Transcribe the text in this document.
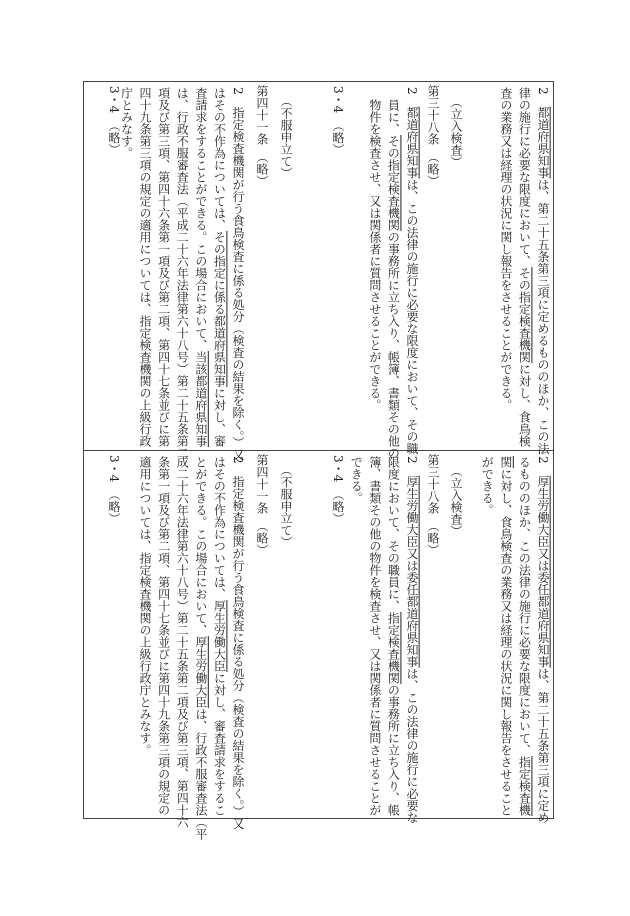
2　都道府県知事は、第二十五条第三項に定めるもののほか、この法
律の施行に必要な限度において、その指定検査機関に対し、食鳥検
査の業務又は経理の状況に関し報告をさせることができる。
（立入検査）
第三十八条　（略）
2　都道府県知事は、この法律の施行に必要な限度において、その職
　員に、その指定検査機関の事務所に立ち入り、帳簿、書類その他の
　物件を検査させ、又は関係者に質問させることができる。
3・4　（略）
（不服申立て）
第四十一条　（略）
2　指定検査機関が行う食鳥検査に係る処分（検査の結果を除く。）又
はその不作為については、その指定に係る都道府県知事に対し、審
査請求をすることができる。この場合において、当該都道府県知事
は、行政不服審査法（平成二十六年法律第六十八号）第二十五条第二
項及び第三項、第四十六条第一項及び第二項、第四十七条並びに第
四十九条第三項の規定の適用については、指定検査機関の上級行政
庁とみなす。
3・4　（略）
2　厚生労働大臣又は委任都道府県知事は、第二十五条第三項に定め
るもののほか、この法律の施行に必要な限度において、指定検査機
関に対し、食鳥検査の業務又は経理の状況に関し報告をさせること
ができる。
（立入検査）
第三十八条　（略）
2　厚生労働大臣又は委任都道府県知事は、この法律の施行に必要な
限度において、その職員に、指定検査機関の事務所に立ち入り、帳
簿、書類その他の物件を検査させ、又は関係者に質問させることが
できる。
3・4　（略）
（不服申立て）
第四十一条　（略）
2　指定検査機関が行う食鳥検査に係る処分（検査の結果を除く。）又
はその不作為については、厚生労働大臣に対し、審査請求をするこ
とができる。この場合において、厚生労働大臣は、行政不服審査法（平
成二十六年法律第六十八号）第二十五条第二項及び第三項、第四十六
条第一項及び第二項、第四十七条並びに第四十九条第三項の規定の
適用については、指定検査機関の上級行政庁とみなす。
3・4　（略）
